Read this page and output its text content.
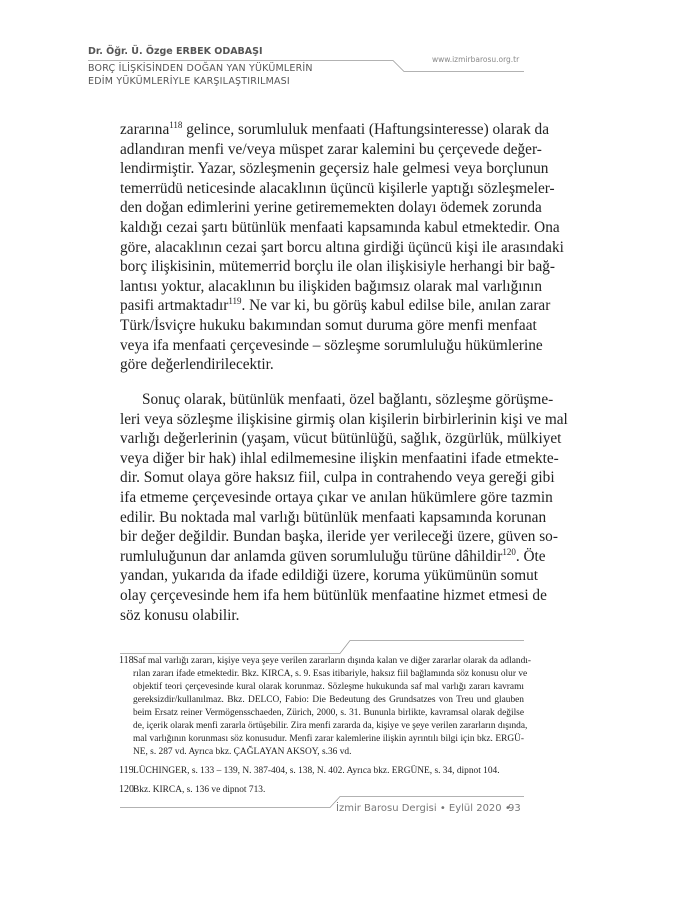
Dr. Öğr. Ü. Özge ERBEK ODABAŞI
BORÇ İLİŞKİSİNDEN DOĞAN YAN YÜKÜMLERİN
EDİM YÜKÜMLERİYLE KARŞILAŞTIRILMASI
www.izmirbarosu.org.tr
zararına$^{118}$ gelince, sorumluluk menfaati (Haftungsinteresse) olarak da
adlandıran menfi ve/veya müspet zarar kalemini bu çerçevede değer-
lendirmiştir. Yazar, sözleşmenin geçersiz hale gelmesi veya borçlunun
temerrüdü neticesinde alacaklının üçüncü kişilerle yaptığı sözleşmeler-
den doğan edimlerini yerine getirememekten dolayı ödemek zorunda
kaldığı cezai şartı bütünlük menfaati kapsamında kabul etmektedir. Ona
göre, alacaklının cezai şart borcu altına girdiği üçüncü kişi ile arasındaki
borç ilişkisinin, mütemerrid borçlu ile olan ilişkisiyle herhangi bir bağ-
lantısı yoktur, alacaklının bu ilişkiden bağımsız olarak mal varlığının
pasifi artmaktadır$^{119}$. Ne var ki, bu görüş kabul edilse bile, anılan zarar
Türk/İsviçre hukuku bakımından somut duruma göre menfi menfaat
veya ifa menfaati çerçevesinde – sözleşme sorumluluğu hükümlerine
göre değerlendirilecektir.
Sonuç olarak, bütünlük menfaati, özel bağlantı, sözleşme görüşme-
leri veya sözleşme ilişkisine girmiş olan kişilerin birbirlerinin kişi ve mal
varlığı değerlerinin (yaşam, vücut bütünlüğü, sağlık, özgürlük, mülkiyet
veya diğer bir hak) ihlal edilmemesine ilişkin menfaatini ifade etmekte-
dir. Somut olaya göre haksız fiil, culpa in contrahendo veya gereği gibi
ifa etmeme çerçevesinde ortaya çıkar ve anılan hükümlere göre tazmin
edilir. Bu noktada mal varlığı bütünlük menfaati kapsamında korunan
bir değer değildir. Bundan başka, ileride yer verileceği üzere, güven so-
rumluluğunun dar anlamda güven sorumluluğu türüne dâhildir$^{120}$. Öte
yandan, yukarıda da ifade edildiği üzere, koruma yükümünün somut
olay çerçevesinde hem ifa hem bütünlük menfaatine hizmet etmesi de
söz konusu olabilir.
118 Saf mal varlığı zararı, kişiye veya şeye verilen zararların dışında kalan ve diğer zararlar olarak da adlandı-
rılan zararı ifade etmektedir. Bkz. KIRCA, s. 9. Esas itibariyle, haksız fiil bağlamında söz konusu olur ve
objektif teori çerçevesinde kural olarak korunmaz. Sözleşme hukukunda saf mal varlığı zararı kavramı
gereksizdir/kullanılmaz. Bkz. DELCO, Fabio: Die Bedeutung des Grundsatzes von Treu und glauben
beim Ersatz reiner Vermögensschaeden, Zürich, 2000, s. 31. Bununla birlikte, kavramsal olarak değilse
de, içerik olarak menfi zararla örtüşebilir. Zira menfi zararda da, kişiye ve şeye verilen zararların dışında,
mal varlığının korunması söz konusudur. Menfi zarar kalemlerine ilişkin ayrıntılı bilgi için bkz. ERGÜ-
NE, s. 287 vd. Ayrıca bkz. ÇAĞLAYAN AKSOY, s.36 vd.
119 LÜCHINGER, s. 133 – 139, N. 387-404, s. 138, N. 402. Ayrıca bkz. ERGÜNE, s. 34, dipnot 104.
120 Bkz. KIRCA, s. 136 ve dipnot 713.
İzmir Barosu Dergisi • Eylül 2020 •
93
